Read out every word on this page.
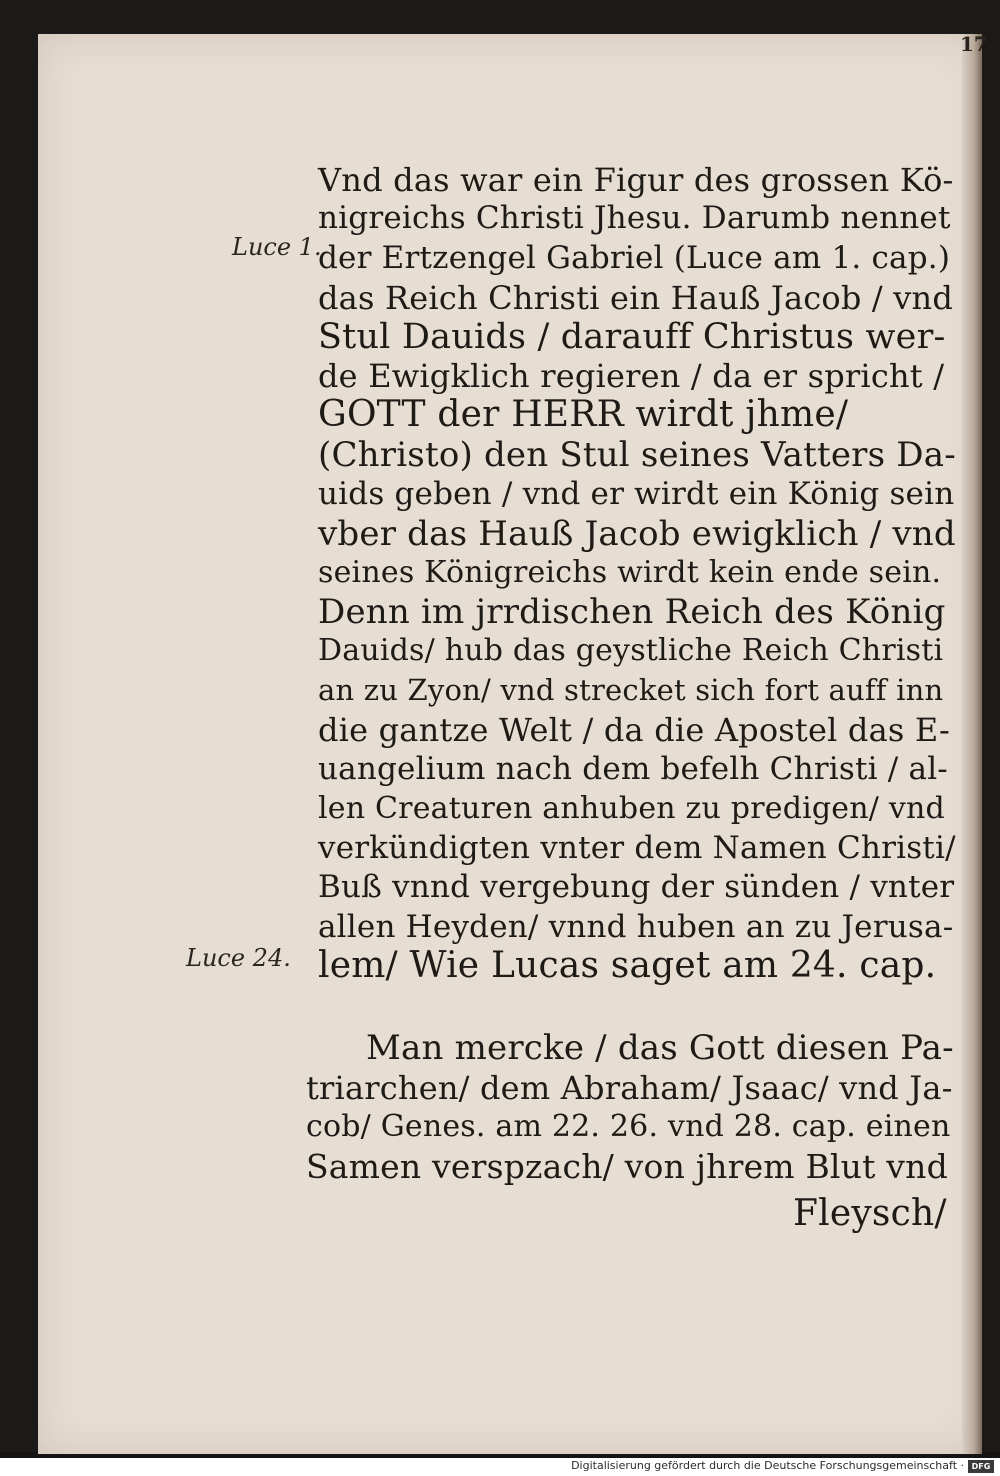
17
Luce 1.
Luce 24.
Vnd das war ein Figur des grossen Kö-
nigreichs Christi Jhesu. Darumb nennet
der Ertzengel Gabriel (Luce am 1. cap.)
das Reich Christi ein Hauß Jacob / vnd
Stul Dauids / darauff Christus wer-
de Ewigklich regieren / da er spricht /
GOTT der HERR wirdt jhme/
(Christo) den Stul seines Vatters Da-
uids geben / vnd er wirdt ein König sein
vber das Hauß Jacob ewigklich / vnd
seines Königreichs wirdt kein ende sein.
Denn im jrrdischen Reich des König
Dauids/ hub das geystliche Reich Christi
an zu Zyon/ vnd strecket sich fort auff inn
die gantze Welt / da die Apostel das E-
uangelium nach dem befelh Christi / al-
len Creaturen anhuben zu predigen/ vnd
verkündigten vnter dem Namen Christi/
Buß vnnd vergebung der sünden / vnter
allen Heyden/ vnnd huben an zu Jerusa-
lem/ Wie Lucas saget am 24. cap.
Man mercke / das Gott diesen Pa-
triarchen/ dem Abraham/ Jsaac/ vnd Ja-
cob/ Genes. am 22. 26. vnd 28. cap. einen
Samen verspzach/ von jhrem Blut vnd
Fleysch/
Digitalisierung gefördert durch die Deutsche Forschungsgemeinschaft · DFG
